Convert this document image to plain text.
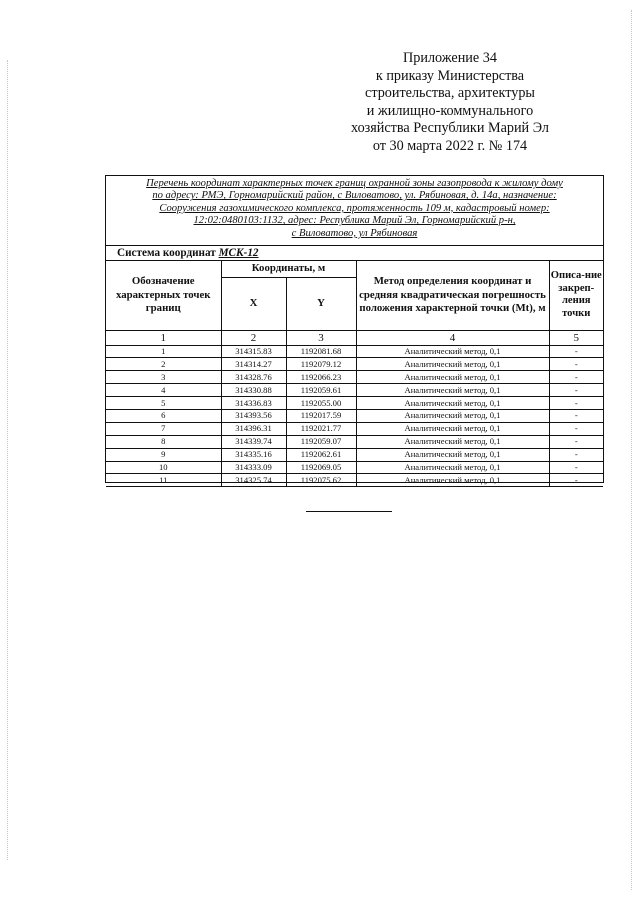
Приложение 34
к приказу Министерства
строительства, архитектуры
и жилищно-коммунального
хозяйства Республики Марий Эл
от 30 марта 2022 г. № 174
Перечень координат характерных точек границ охранной зоны газопровода к жилому дому
по адресу: РМЭ, Горномарийский район, с Виловатово, ул. Рябиновая, д. 14а, назначение:
Сооружения газохимического комплекса, протяженность 109 м, кадастровый номер:
12:02:0480103:1132, адрес: Республика Марий Эл, Горномарийский р-н,
с Виловатово, ул Рябиновая
Система координат МСК-12
Обозначение характерных точек границ	Координаты, м		Метод определения координат и средняя квадратическая погрешность положения характерной точки (Mt), м	Описа-ние закреп-ления точки
	X	Y		
1	2	3	4	5
1	314315.83	1192081.68	Аналитический метод, 0,1	-
2	314314.27	1192079.12	Аналитический метод, 0,1	-
3	314328.76	1192066.23	Аналитический метод, 0,1	-
4	314330.88	1192059.61	Аналитический метод, 0,1	-
5	314336.83	1192055.00	Аналитический метод, 0,1	-
6	314393.56	1192017.59	Аналитический метод, 0,1	-
7	314396.31	1192021.77	Аналитический метод, 0,1	-
8	314339.74	1192059.07	Аналитический метод, 0,1	-
9	314335.16	1192062.61	Аналитический метод, 0,1	-
10	314333.09	1192069.05	Аналитический метод, 0,1	-
11	314325.74	1192075.62	Аналитический метод, 0,1	-
